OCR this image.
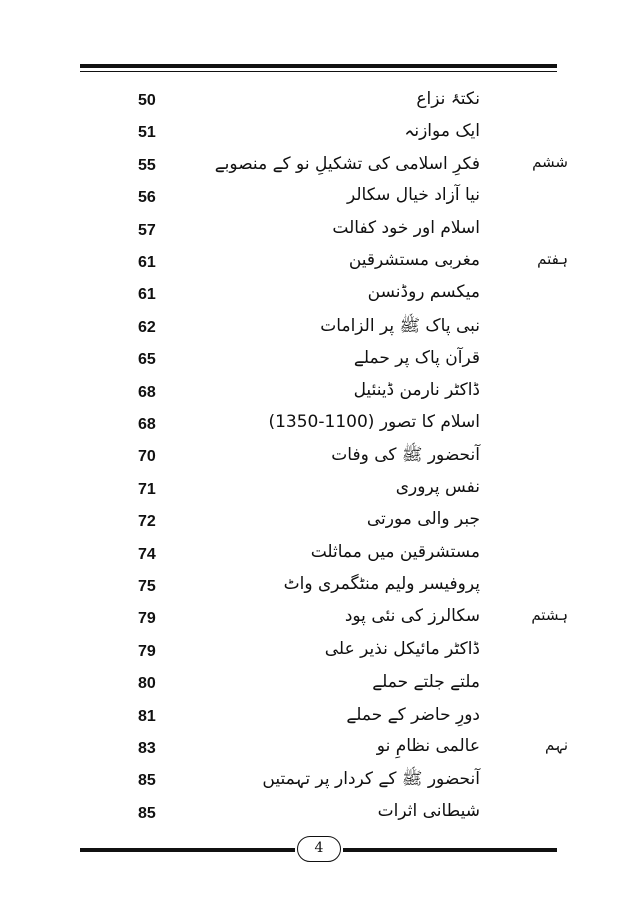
50	نکتۂ نزاع
51	ایک موازنہ
55	فکرِ اسلامی کی تشکیلِ نو کے منصوبے	ششم
56	نیا آزاد خیال سکالر
57	اسلام اور خود کفالت
61	مغربی مستشرقین	ہفتم
61	میکسم روڈنسن
62	نبی پاک ﷺ پر الزامات
65	قرآن پاک پر حملے
68	ڈاکٹر نارمن ڈینئیل
68	اسلام کا تصور (1100-1350)
70	آنحضور ﷺ کی وفات
71	نفس پروری
72	جبر والی مورتی
74	مستشرقین میں مماثلت
75	پروفیسر ولیم منٹگمری واٹ
79	سکالرز کی نئی پود	ہشتم
79	ڈاکٹر مائیکل نذیر علی
80	ملتے جلتے حملے
81	دورِ حاضر کے حملے
83	عالمی نظامِ نو	نہم
85	آنحضور ﷺ کے کردار پر تہمتیں
85	شیطانی اثرات
4
